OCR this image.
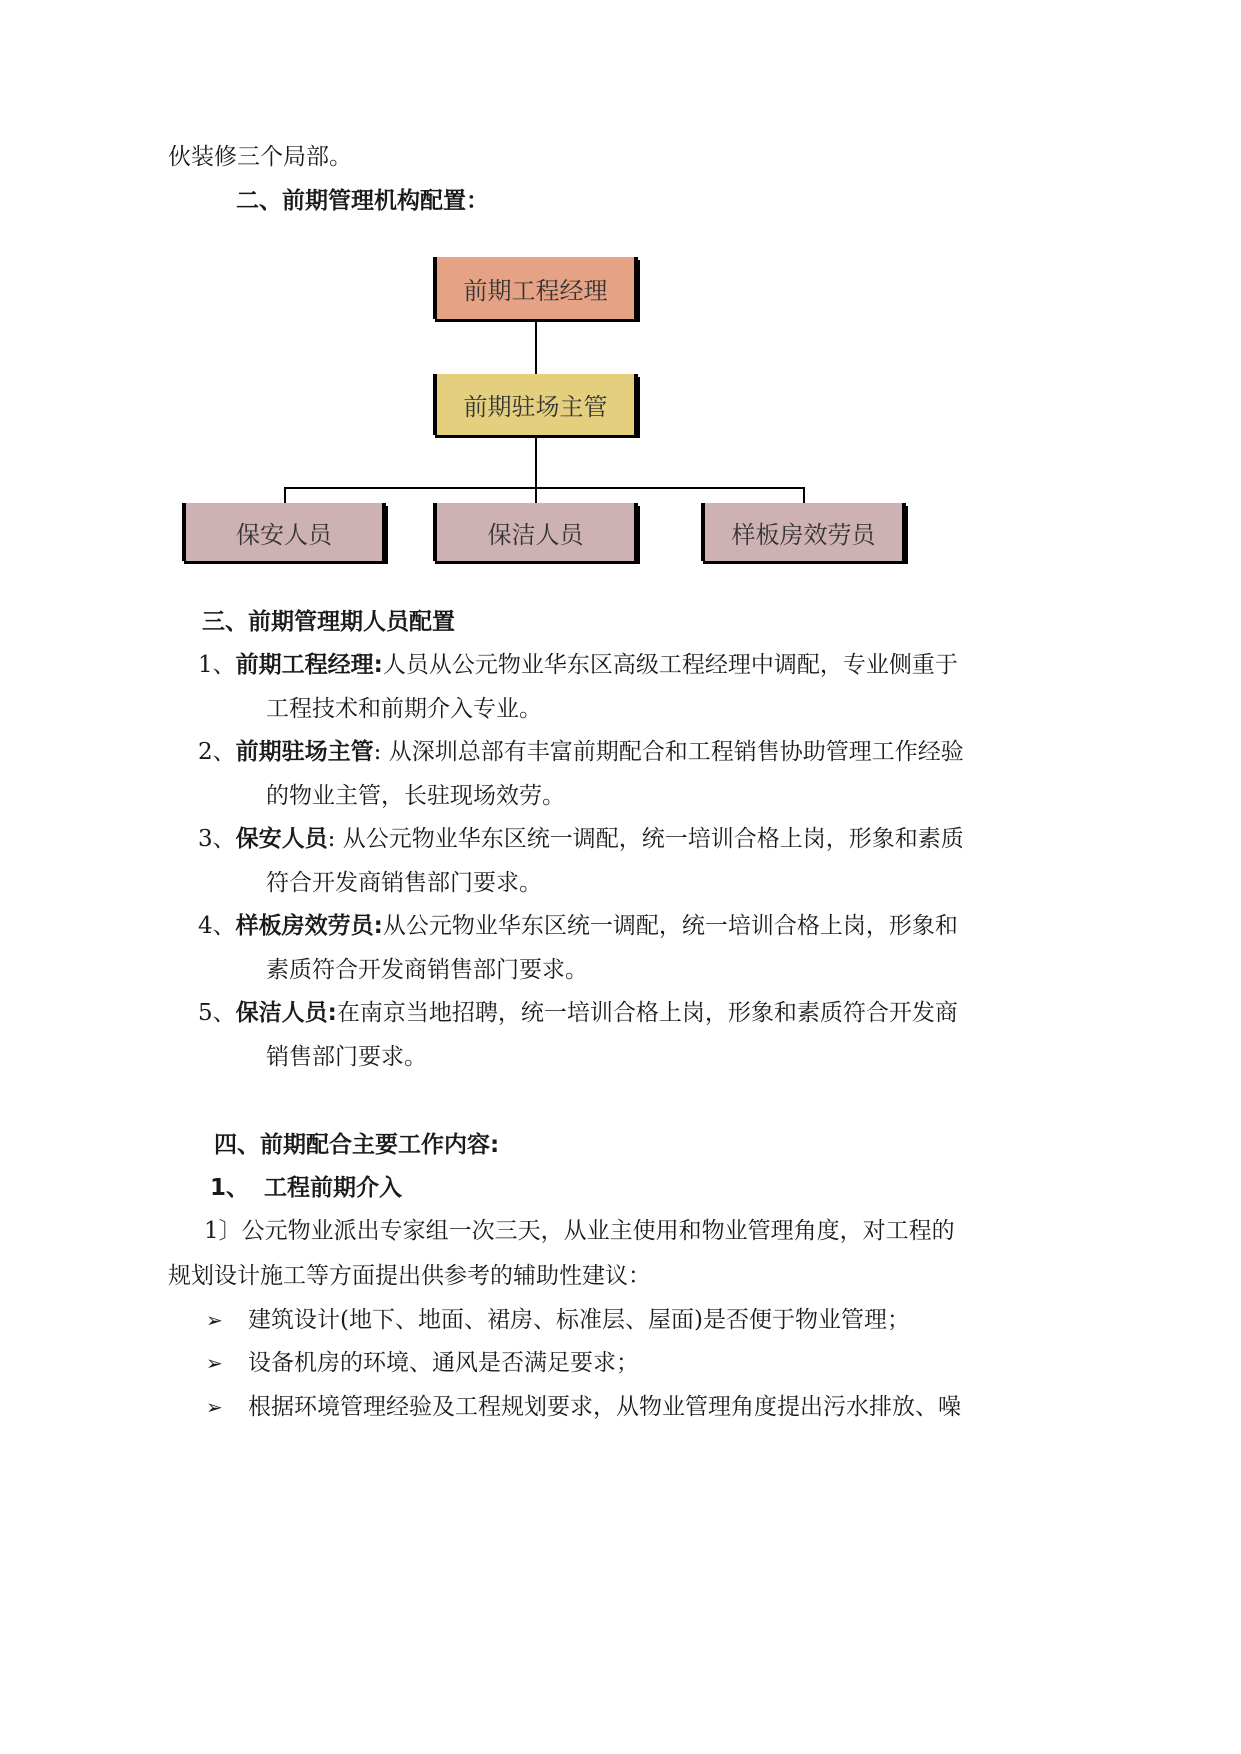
伙装修三个局部。
二、前期管理机构配置：
前期工程经理
前期驻场主管
保安人员	保洁人员	样板房效劳员
三、前期管理期人员配置
1、前期工程经理:人员从公元物业华东区高级工程经理中调配，专业侧重于
工程技术和前期介入专业。
2、前期驻场主管: 从深圳总部有丰富前期配合和工程销售协助管理工作经验
的物业主管，长驻现场效劳。
3、保安人员: 从公元物业华东区统一调配，统一培训合格上岗，形象和素质
符合开发商销售部门要求。
4、样板房效劳员:从公元物业华东区统一调配，统一培训合格上岗，形象和
素质符合开发商销售部门要求。
5、保洁人员:在南京当地招聘，统一培训合格上岗，形象和素质符合开发商
销售部门要求。
四、前期配合主要工作内容:
1、 工程前期介入
1〕公元物业派出专家组一次三天，从业主使用和物业管理角度，对工程的
规划设计施工等方面提出供参考的辅助性建议：
➢ 建筑设计(地下、地面、裙房、标准层、屋面)是否便于物业管理；
➢ 设备机房的环境、通风是否满足要求；
➢ 根据环境管理经验及工程规划要求，从物业管理角度提出污水排放、噪
